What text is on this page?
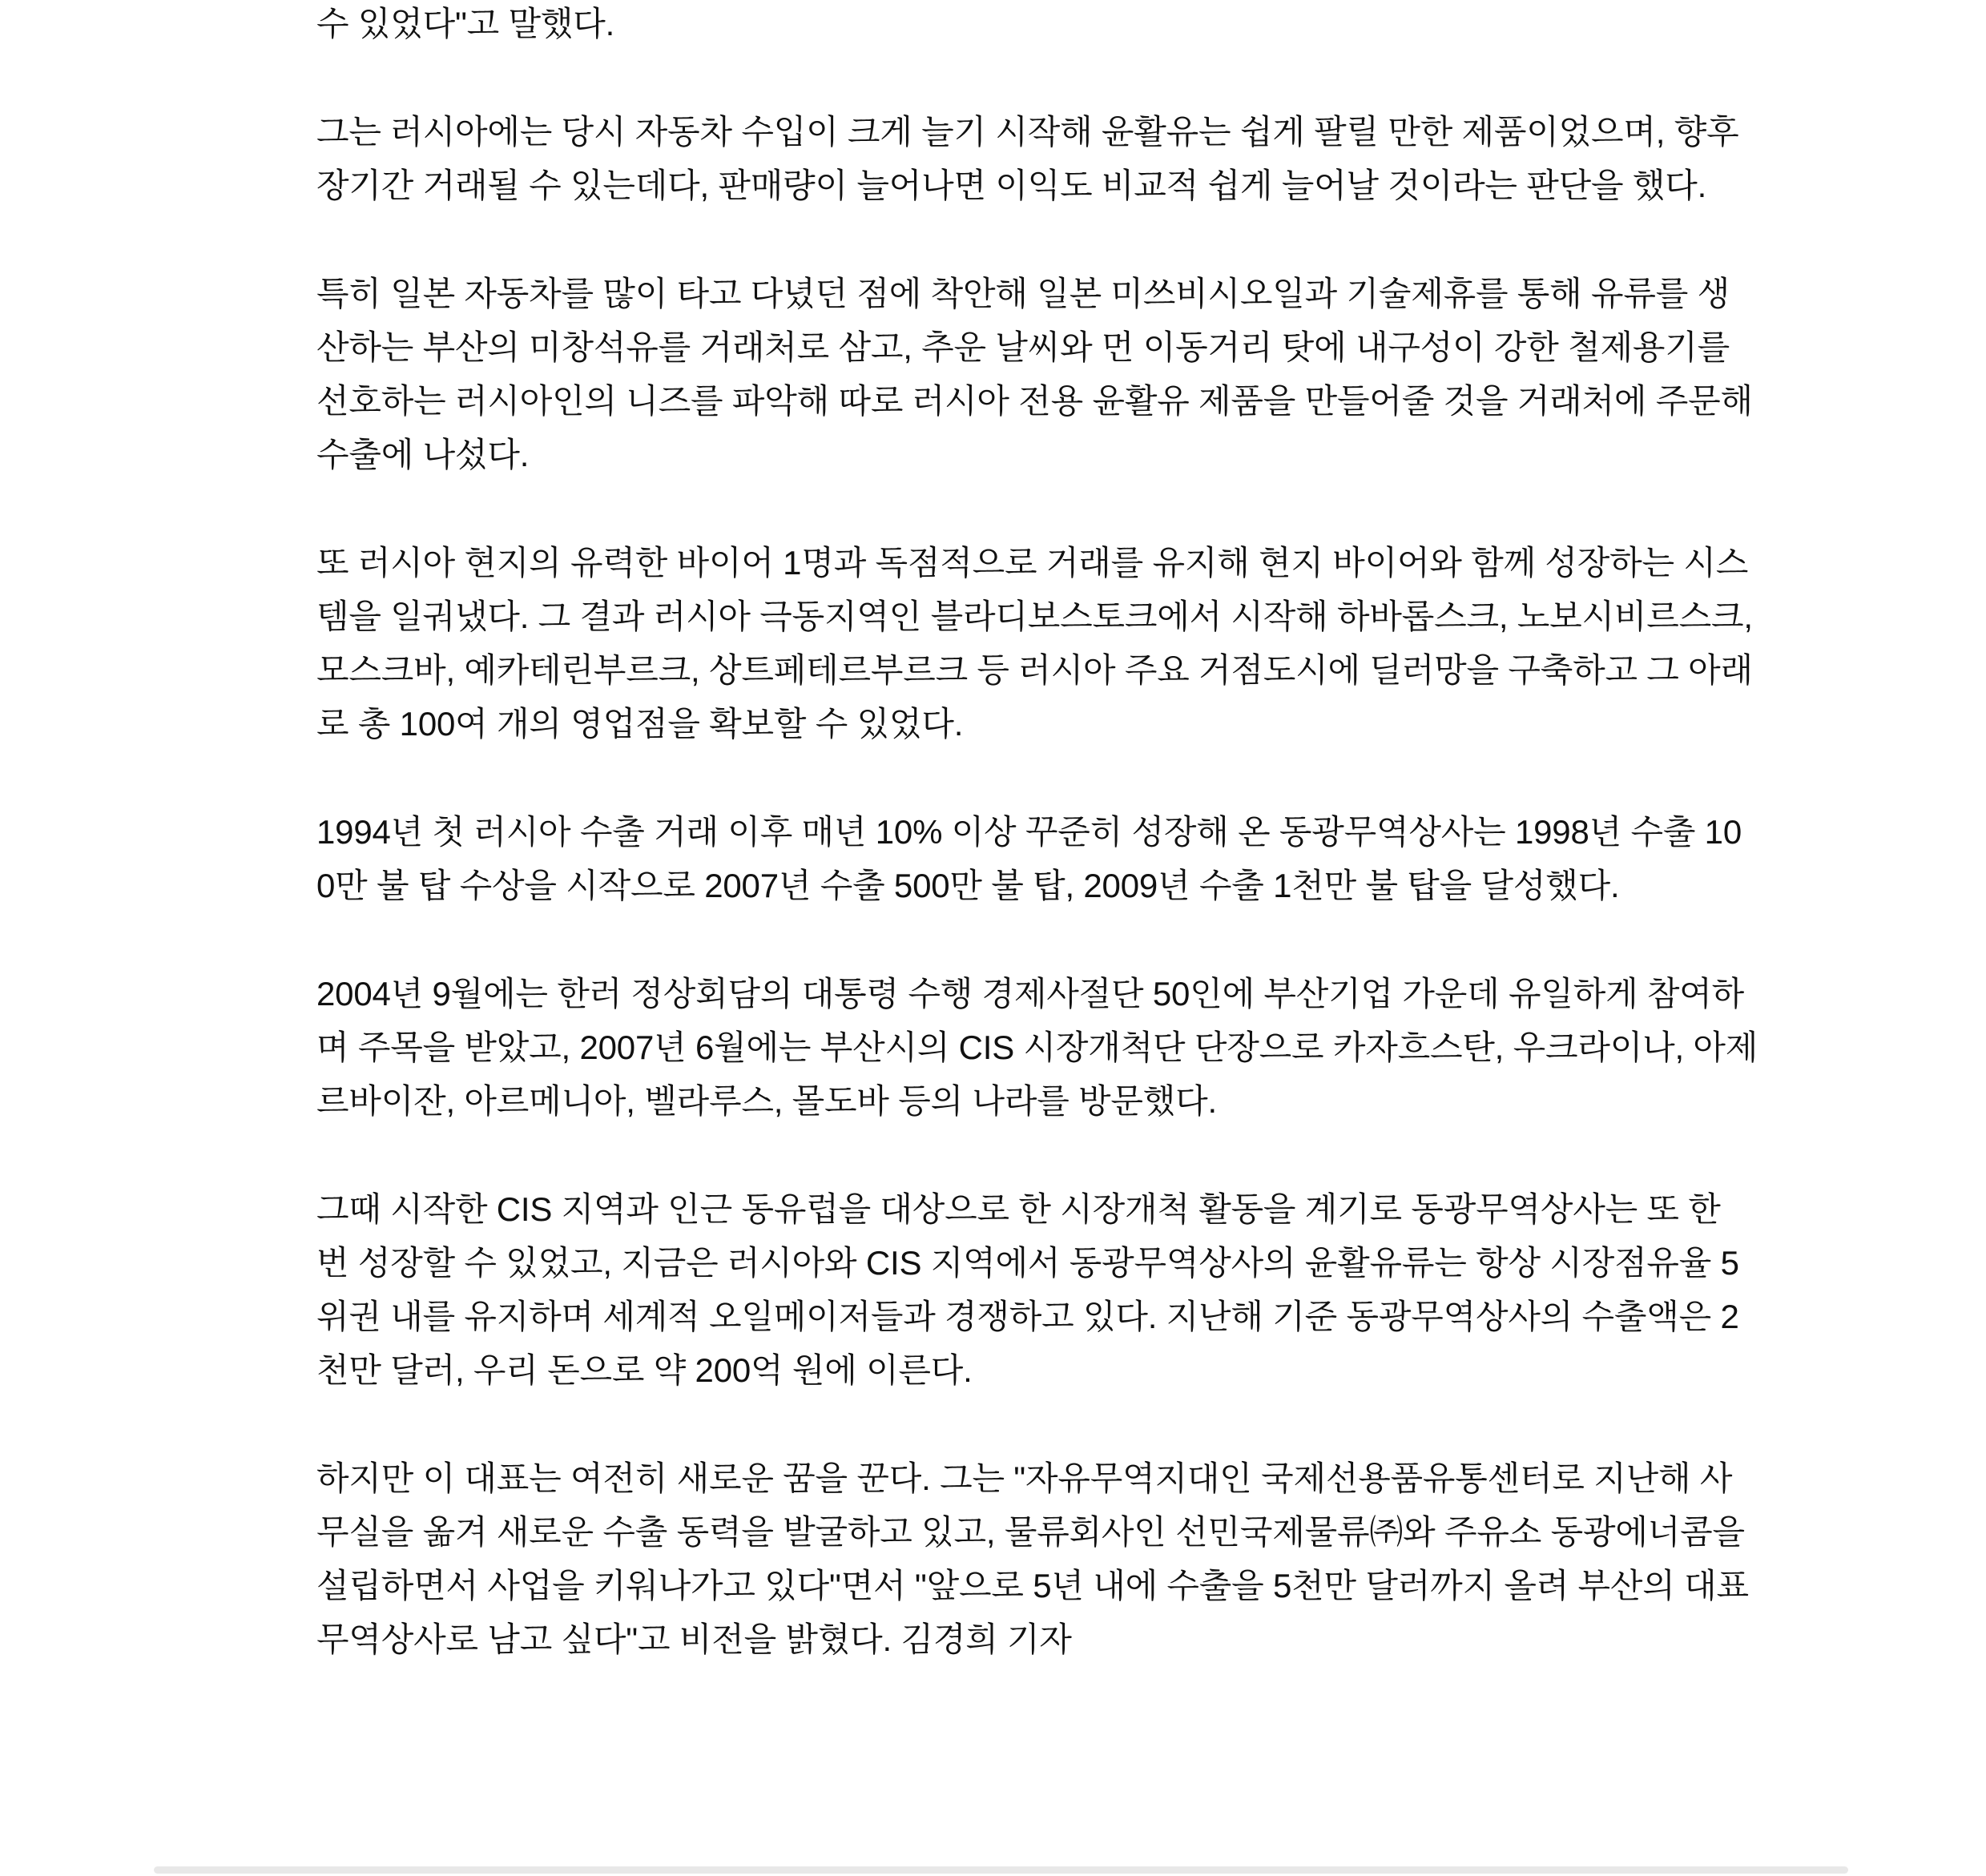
수 있었다"고 말했다.

그는 러시아에는 당시 자동차 수입이 크게 늘기 시작해 윤활유는 쉽게 팔릴 만한 제품이었으며, 향후 장기간 거래될 수 있는데다, 판매량이 늘어나면 이익도 비교적 쉽게 늘어날 것이라는 판단을 했다.

특히 일본 자동차를 많이 타고 다녔던 점에 착안해 일본 미쓰비시오일과 기술제휴를 통해 유류를 생산하는 부산의 미창석유를 거래처로 삼고, 추운 날씨와 먼 이동거리 탓에 내구성이 강한 철제용기를 선호하는 러시아인의 니즈를 파악해 따로 러시아 전용 윤활유 제품을 만들어줄 것을 거래처에 주문해 수출에 나섰다.

또 러시아 현지의 유력한 바이어 1명과 독점적으로 거래를 유지해 현지 바이어와 함께 성장하는 시스템을 일궈냈다. 그 결과 러시아 극동지역인 블라디보스토크에서 시작해 하바롭스크, 노보시비르스크, 모스크바, 예카테린부르크, 상트페테르부르크 등 러시아 주요 거점도시에 딜러망을 구축하고 그 아래로 총 100여 개의 영업점을 확보할 수 있었다.

1994년 첫 러시아 수출 거래 이후 매년 10% 이상 꾸준히 성장해 온 동광무역상사는 1998년 수출 100만 불 탑 수상을 시작으로 2007년 수출 500만 불 탑, 2009년 수출 1천만 불 탑을 달성했다.

2004년 9월에는 한러 정상회담의 대통령 수행 경제사절단 50인에 부산기업 가운데 유일하게 참여하며 주목을 받았고, 2007년 6월에는 부산시의 CIS 시장개척단 단장으로 카자흐스탄, 우크라이나, 아제르바이잔, 아르메니아, 벨라루스, 몰도바 등의 나라를 방문했다.

그때 시작한 CIS 지역과 인근 동유럽을 대상으로 한 시장개척 활동을 계기로 동광무역상사는 또 한 번 성장할 수 있었고, 지금은 러시아와 CIS 지역에서 동광무역상사의 윤활유류는 항상 시장점유율 5위권 내를 유지하며 세계적 오일메이저들과 경쟁하고 있다. 지난해 기준 동광무역상사의 수출액은 2천만 달러, 우리 돈으로 약 200억 원에 이른다.

하지만 이 대표는 여전히 새로운 꿈을 꾼다. 그는 "자유무역지대인 국제선용품유통센터로 지난해 사무실을 옮겨 새로운 수출 동력을 발굴하고 있고, 물류회사인 선민국제물류㈜와 주유소 동광에너콤을 설립하면서 사업을 키워나가고 있다"면서 "앞으로 5년 내에 수출을 5천만 달러까지 올려 부산의 대표 무역상사로 남고 싶다"고 비전을 밝혔다. 김경희 기자
